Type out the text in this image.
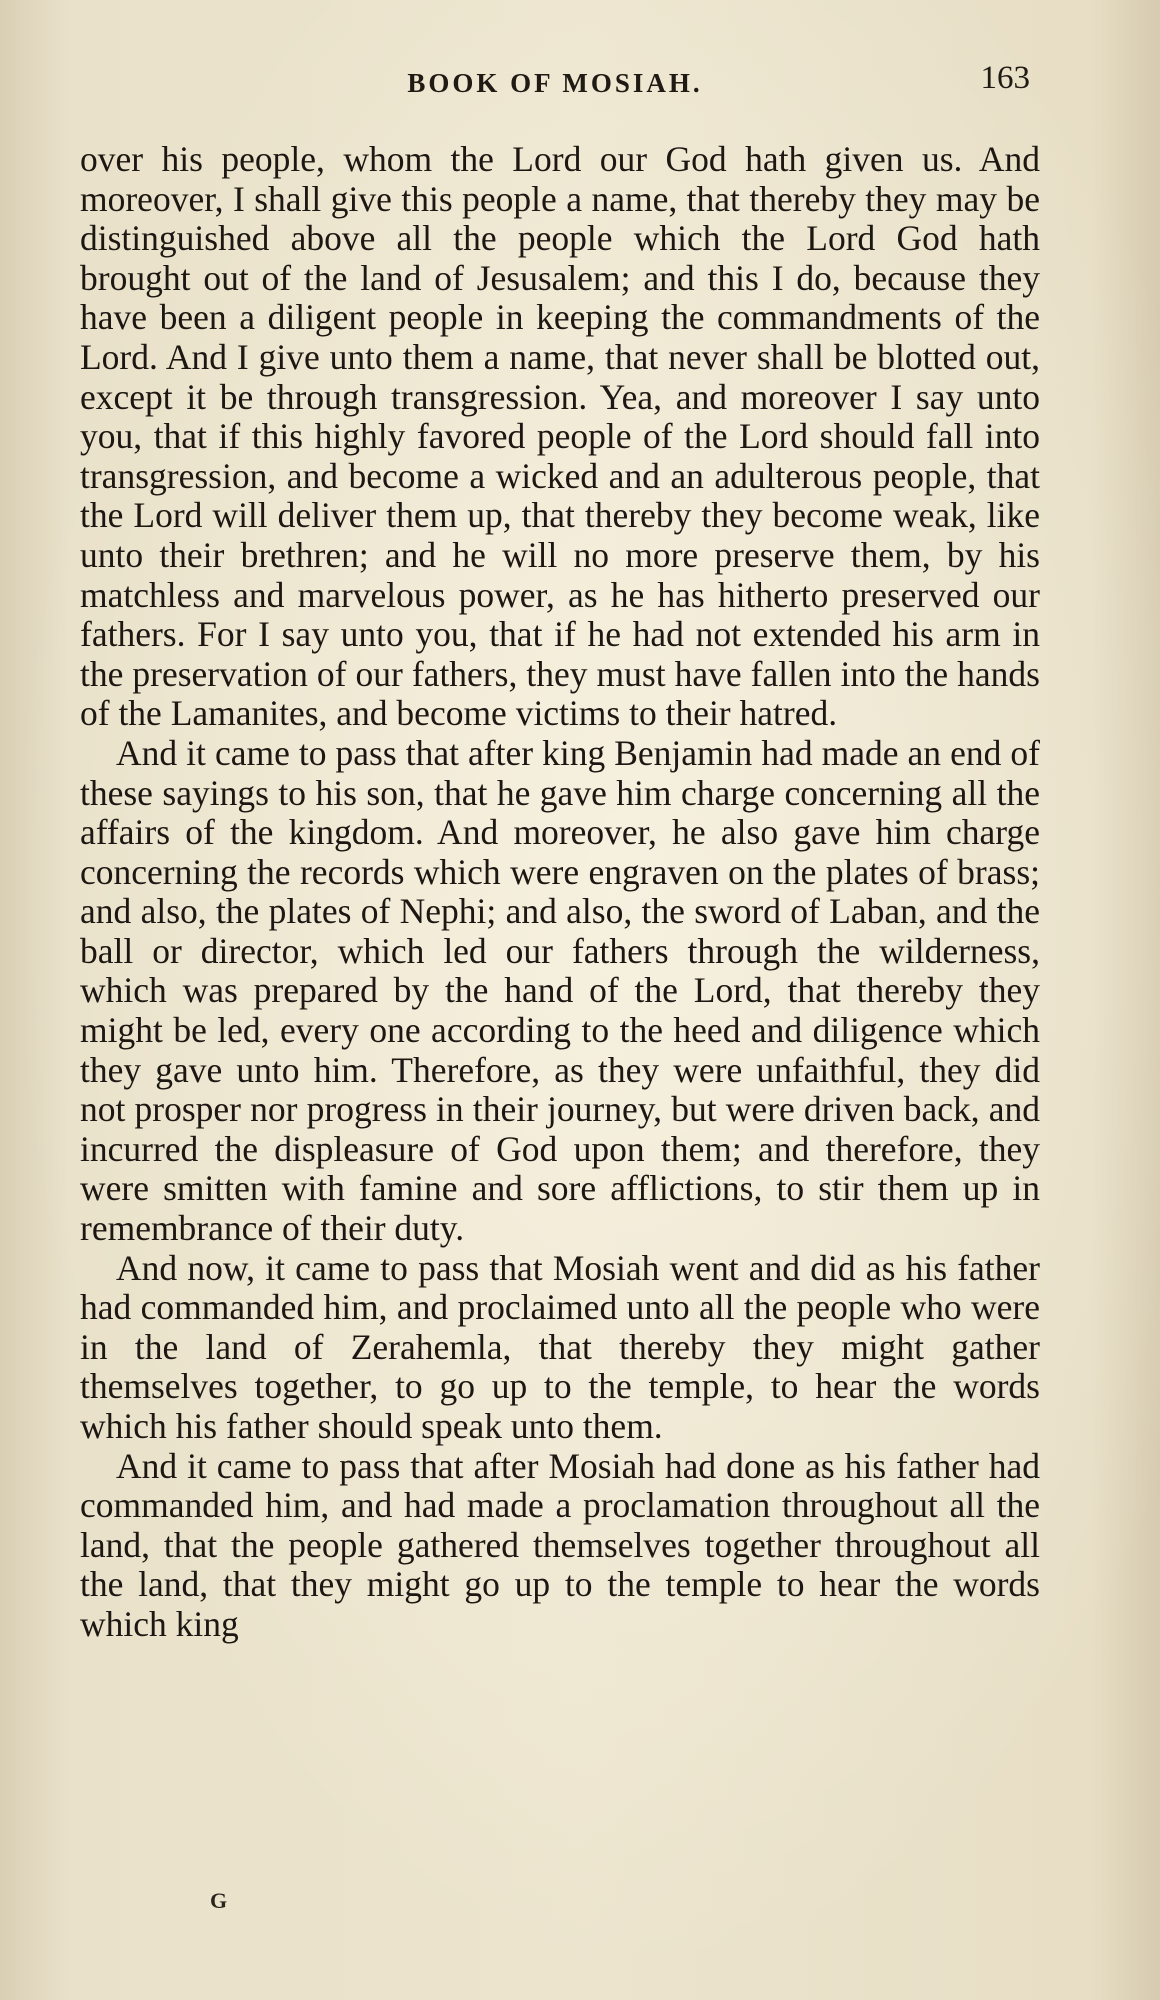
BOOK OF MOSIAH.	163

over his people, whom the Lord our God hath given us. And moreover, I shall give this people a name, that thereby they may be distinguished above all the people which the Lord God hath brought out of the land of Jesusalem; and this I do, because they have been a diligent people in keeping the commandments of the Lord. And I give unto them a name, that never shall be blotted out, except it be through transgression. Yea, and moreover I say unto you, that if this highly favored people of the Lord should fall into transgression, and become a wicked and an adulterous people, that the Lord will deliver them up, that thereby they become weak, like unto their brethren; and he will no more preserve them, by his matchless and marvelous power, as he has hitherto preserved our fathers. For I say unto you, that if he had not extended his arm in the preservation of our fathers, they must have fallen into the hands of the Lamanites, and become victims to their hatred.

And it came to pass that after king Benjamin had made an end of these sayings to his son, that he gave him charge concerning all the affairs of the kingdom. And moreover, he also gave him charge concerning the records which were engraven on the plates of brass; and also, the plates of Nephi; and also, the sword of Laban, and the ball or director, which led our fathers through the wilderness, which was prepared by the hand of the Lord, that thereby they might be led, every one according to the heed and diligence which they gave unto him. Therefore, as they were unfaithful, they did not prosper nor progress in their journey, but were driven back, and incurred the displeasure of God upon them; and therefore, they were smitten with famine and sore afflictions, to stir them up in remembrance of their duty.

And now, it came to pass that Mosiah went and did as his father had commanded him, and proclaimed unto all the people who were in the land of Zerahemla, that thereby they might gather themselves together, to go up to the temple, to hear the words which his father should speak unto them.

And it came to pass that after Mosiah had done as his father had commanded him, and had made a proclamation throughout all the land, that the people gathered themselves together throughout all the land, that they might go up to the temple to hear the words which king

G
